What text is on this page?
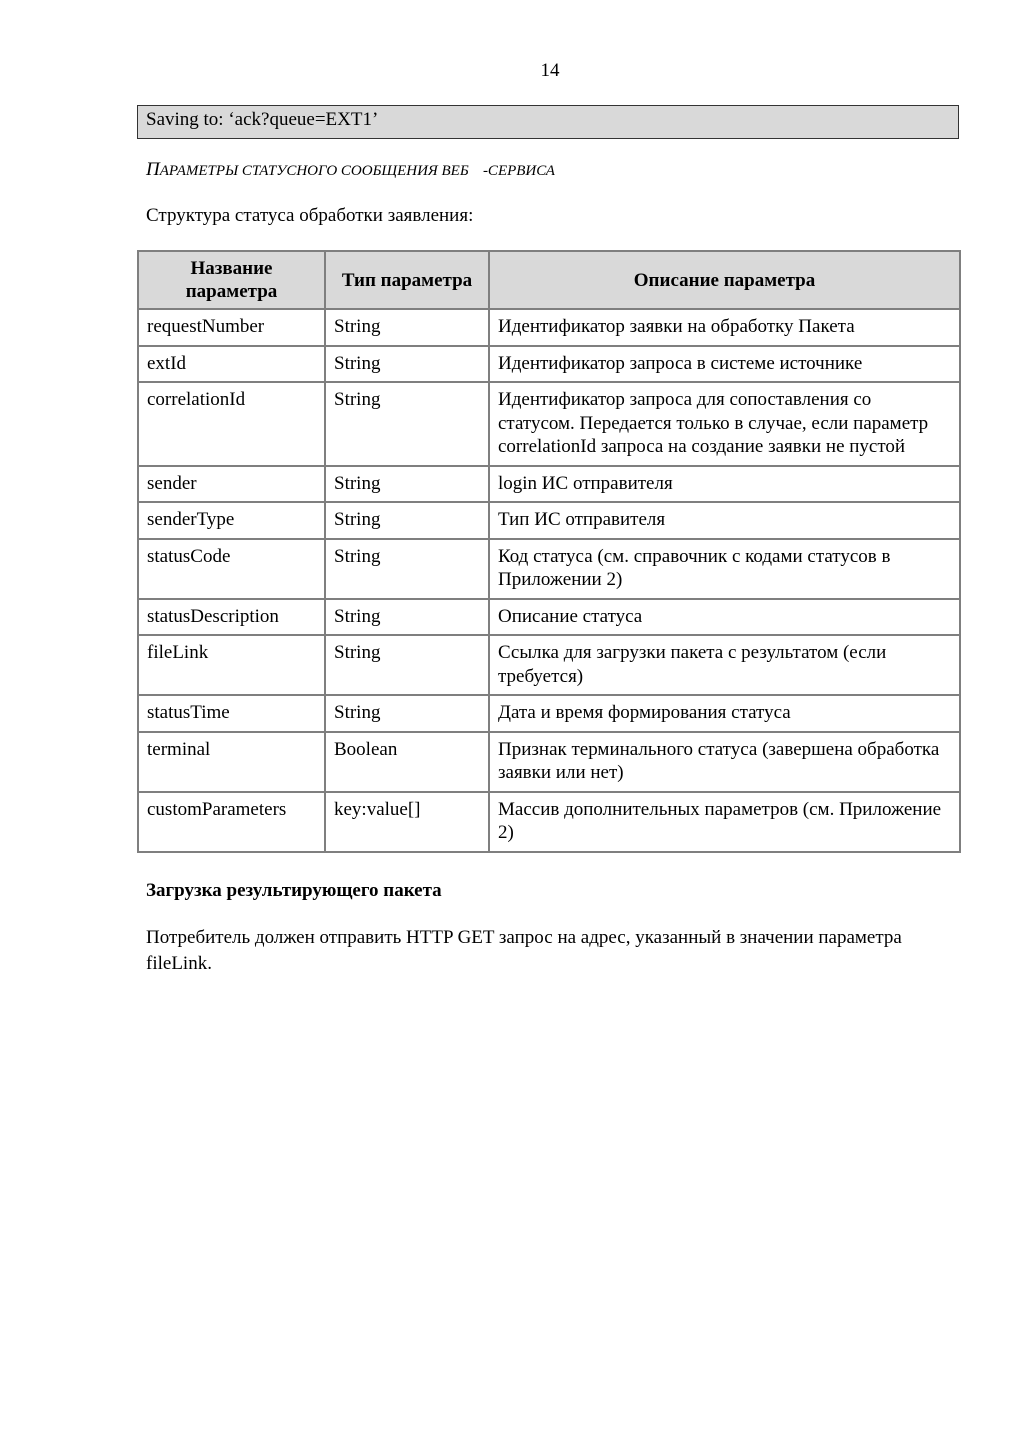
14
Saving to: ‘ack?queue=EXT1’
ПАРАМЕТРЫ СТАТУСНОГО СООБЩЕНИЯ ВЕБ -СЕРВИСА
Структура статуса обработки заявления:
Название параметра	Тип параметра	Описание параметра
requestNumber	String	Идентификатор заявки на обработку Пакета
extId	String	Идентификатор запроса в системе источнике
correlationId	String	Идентификатор запроса для сопоставления со статусом. Передается только в случае, если параметр correlationId запроса на создание заявки не пустой
sender	String	login ИС отправителя
senderType	String	Тип ИС отправителя
statusCode	String	Код статуса (см. справочник с кодами статусов в Приложении 2)
statusDescription	String	Описание статуса
fileLink	String	Ссылка для загрузки пакета с результатом (если требуется)
statusTime	String	Дата и время формирования статуса
terminal	Boolean	Признак терминального статуса (завершена обработка заявки или нет)
customParameters	key:value[]	Массив дополнительных параметров (см. Приложение 2)
Загрузка результирующего пакета
Потребитель должен отправить HTTP GET запрос на адрес, указанный в значении параметра fileLink.
